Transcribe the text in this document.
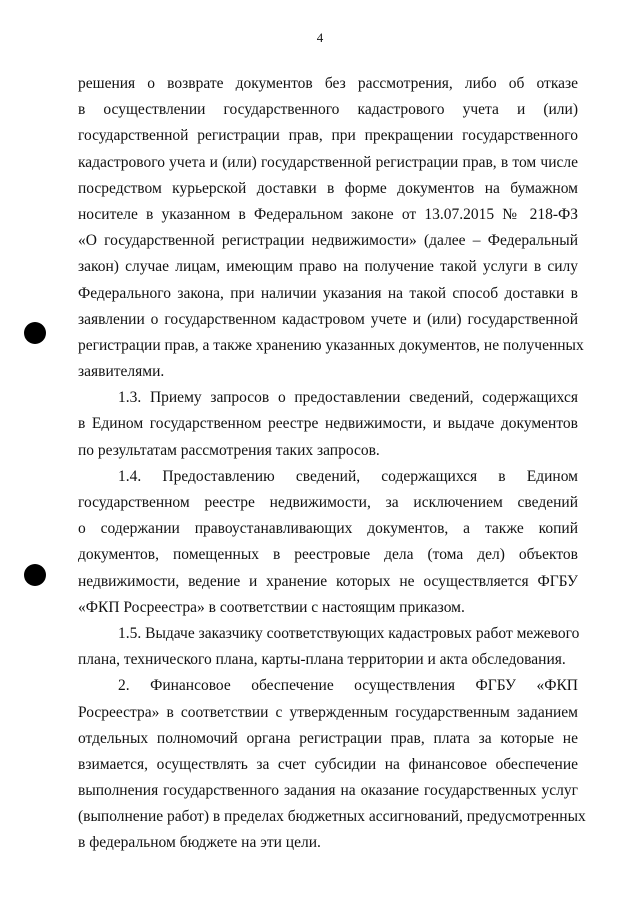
4

решения о возврате документов без рассмотрения, либо об отказе
в осуществлении государственного кадастрового учета и (или)
государственной регистрации прав, при прекращении государственного
кадастрового учета и (или) государственной регистрации прав, в том числе
посредством курьерской доставки в форме документов на бумажном
носителе в указанном в Федеральном законе от 13.07.2015 № 218-ФЗ
«О государственной регистрации недвижимости» (далее – Федеральный
закон) случае лицам, имеющим право на получение такой услуги в силу
Федерального закона, при наличии указания на такой способ доставки в
заявлении о государственном кадастровом учете и (или) государственной
регистрации прав, а также хранению указанных документов, не полученных
заявителями.

1.3. Приему запросов о предоставлении сведений, содержащихся
в Едином государственном реестре недвижимости, и выдаче документов
по результатам рассмотрения таких запросов.

1.4. Предоставлению сведений, содержащихся в Едином
государственном реестре недвижимости, за исключением сведений
о содержании правоустанавливающих документов, а также копий
документов, помещенных в реестровые дела (тома дел) объектов
недвижимости, ведение и хранение которых не осуществляется ФГБУ
«ФКП Росреестра» в соответствии с настоящим приказом.

1.5. Выдаче заказчику соответствующих кадастровых работ межевого
плана, технического плана, карты-плана территории и акта обследования.

2. Финансовое обеспечение осуществления ФГБУ «ФКП
Росреестра» в соответствии с утвержденным государственным заданием
отдельных полномочий органа регистрации прав, плата за которые не
взимается, осуществлять за счет субсидии на финансовое обеспечение
выполнения государственного задания на оказание государственных услуг
(выполнение работ) в пределах бюджетных ассигнований, предусмотренных
в федеральном бюджете на эти цели.
